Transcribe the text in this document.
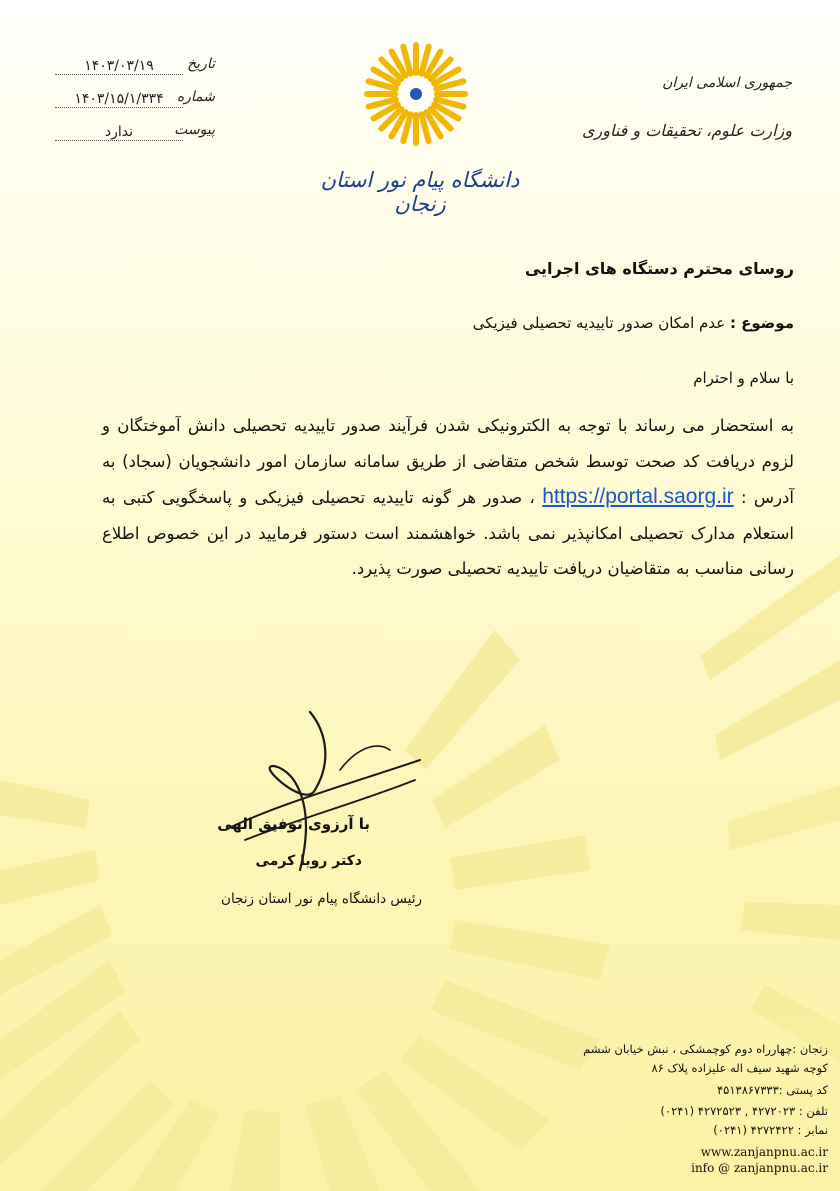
تاریخ
۱۴۰۳/۰۳/۱۹
شماره
۱۴۰۳/۱۵/۱/۳۳۴
پیوست
ندارد
جمهوری اسلامی ایران
وزارت علوم، تحقیقات و فناوری
دانشگاه پیام نور استان زنجان
روسای محترم دستگاه های اجرایی
موضوع : عدم امکان صدور تاییدیه تحصیلی فیزیکی
با سلام و احترام

به استحضار می رساند با توجه به الکترونیکی شدن فرآیند صدور تاییدیه تحصیلی دانش آموختگان و لزوم دریافت کد صحت توسط شخص متقاضی از طریق سامانه سازمان امور دانشجویان (سجاد) به آدرس : https://portal.saorg.ir ، صدور هر گونه تاییدیه تحصیلی فیزیکی و پاسخگویی کتبی به استعلام مدارک تحصیلی امکانپذیر نمی باشد. خواهشمند است دستور فرمایید در این خصوص اطلاع رسانی مناسب به متقاضیان دریافت تاییدیه تحصیلی صورت پذیرد.

با آرزوی توفیق الهی
دکتر رویا کرمی
رئیس دانشگاه پیام نور استان زنجان
زنجان :چهارراه دوم کوچمشکی ، نبش خیابان ششم
کوچه شهید سیف اله علیزاده پلاک ۸۶
کد پستی :۴۵۱۳۸۶۷۳۳۳
تلفن : ۴۲۷۲۰۲۳ , ۴۲۷۲۵۲۳ (۰۲۴۱)
نمابر : ۴۲۷۲۴۲۲ (۰۲۴۱)
www.zanjanpnu.ac.ir
info @ zanjanpnu.ac.ir
